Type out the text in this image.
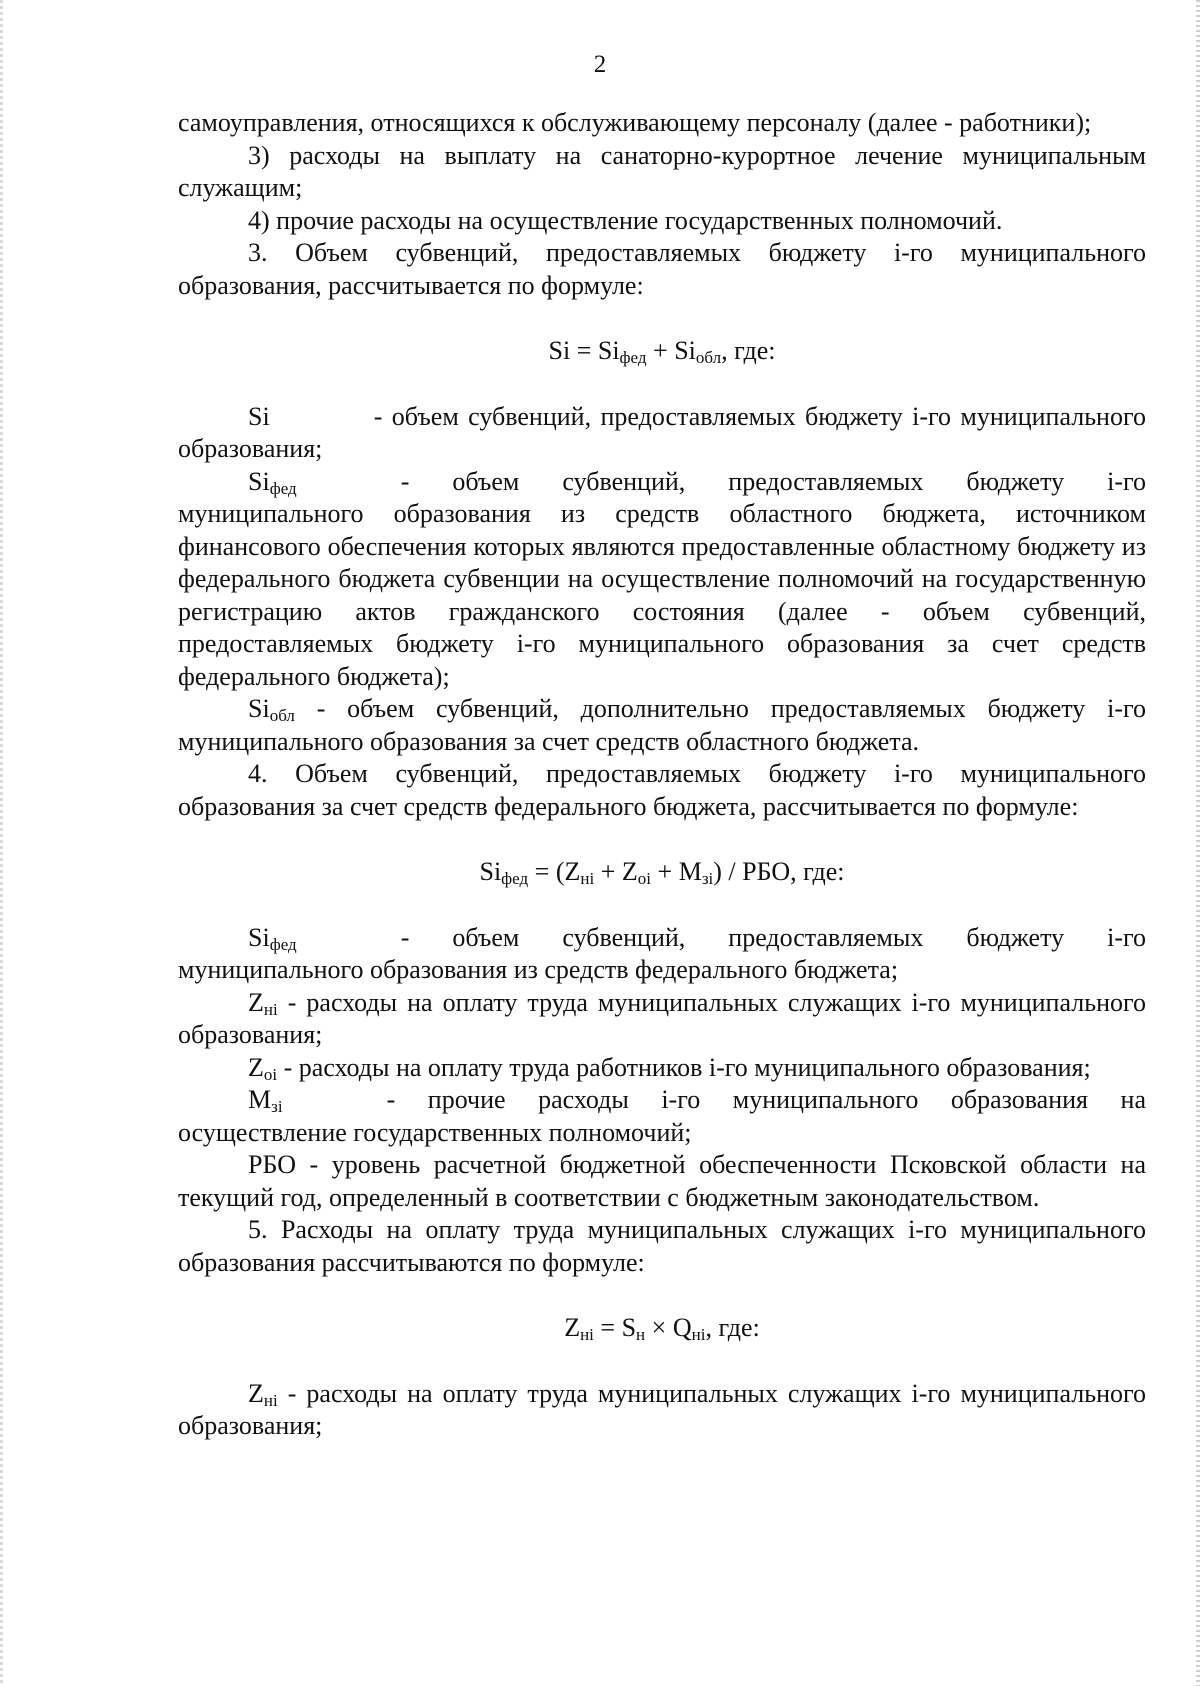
2

самоуправления, относящихся к обслуживающему персоналу (далее - работники);

3) расходы на выплату на санаторно-курортное лечение муниципальным служащим;

4) прочие расходы на осуществление государственных полномочий.

3. Объем субвенций, предоставляемых бюджету i-го муниципального образования, рассчитывается по формуле:

$Si = Si_{фед} + Si_{обл}$, где:

Si    	- объем субвенций, предоставляемых бюджету i-го муниципального образования;

$Si_{фед}$    	- объем субвенций, предоставляемых бюджету i-го муниципального образования из средств областного бюджета, источником финансового обеспечения которых являются предоставленные областному бюджету из федерального бюджета субвенции на осуществление полномочий на государственную регистрацию актов гражданского состояния (далее - объем субвенций, предоставляемых бюджету i-го муниципального образования за счет средств федерального бюджета);

$Si_{обл}$ - объем субвенций, дополнительно предоставляемых бюджету i-го муниципального образования за счет средств областного бюджета.

4. Объем субвенций, предоставляемых бюджету i-го муниципального образования за счет средств федерального бюджета, рассчитывается по формуле:

$Si_{фед} = (Z_{нi} + Z_{оi} + M_{зi})$ / РБО, где:

$Si_{фед}$    	- объем субвенций, предоставляемых бюджету i-го муниципального образования из средств федерального бюджета;

$Z_{нi}$ - расходы на оплату труда муниципальных служащих i-го муниципального образования;

$Z_{оi}$ - расходы на оплату труда работников i-го муниципального образования;

$M_{зi}$    	- прочие расходы i-го муниципального образования на осуществление государственных полномочий;

РБО - уровень расчетной бюджетной обеспеченности Псковской области на текущий год, определенный в соответствии с бюджетным законодательством.

5. Расходы на оплату труда муниципальных служащих i-го муниципального образования рассчитываются по формуле:

$Z_{нi} = S_н \times Q_{нi}$, где:

$Z_{нi}$ - расходы на оплату труда муниципальных служащих i-го муниципального образования;
